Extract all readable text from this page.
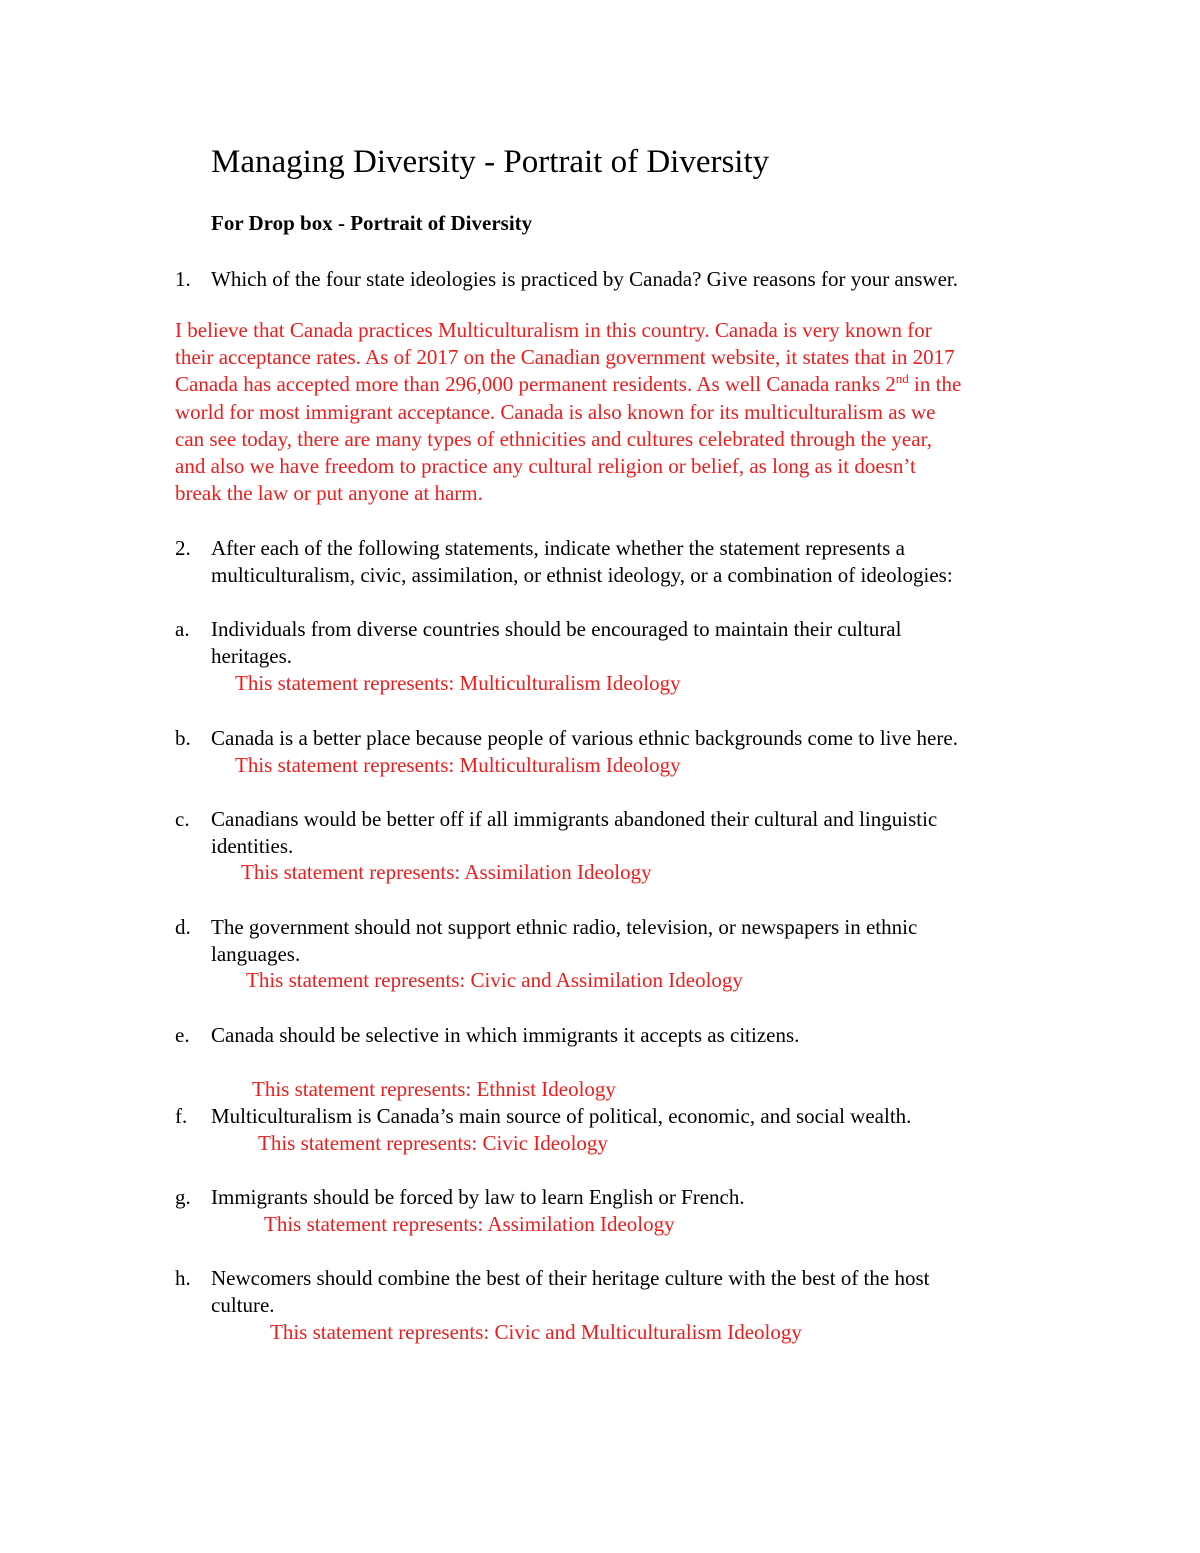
Managing Diversity - Portrait of Diversity
For Drop box - Portrait of Diversity
1. Which of the four state ideologies is practiced by Canada? Give reasons for your answer.
I believe that Canada practices Multiculturalism in this country. Canada is very known for
their acceptance rates. As of 2017 on the Canadian government website, it states that in 2017
Canada has accepted more than 296,000 permanent residents. As well Canada ranks 2nd in the
world for most immigrant acceptance. Canada is also known for its multiculturalism as we
can see today, there are many types of ethnicities and cultures celebrated through the year,
and also we have freedom to practice any cultural religion or belief, as long as it doesn’t
break the law or put anyone at harm.
2. After each of the following statements, indicate whether the statement represents a
multiculturalism, civic, assimilation, or ethnist ideology, or a combination of ideologies:
a. Individuals from diverse countries should be encouraged to maintain their cultural
heritages.
This statement represents: Multiculturalism Ideology
b. Canada is a better place because people of various ethnic backgrounds come to live here.
This statement represents: Multiculturalism Ideology
c. Canadians would be better off if all immigrants abandoned their cultural and linguistic
identities.
This statement represents: Assimilation Ideology
d. The government should not support ethnic radio, television, or newspapers in ethnic
languages.
This statement represents: Civic and Assimilation Ideology
e. Canada should be selective in which immigrants it accepts as citizens.
This statement represents: Ethnist Ideology
f. Multiculturalism is Canada’s main source of political, economic, and social wealth.
This statement represents: Civic Ideology
g. Immigrants should be forced by law to learn English or French.
This statement represents: Assimilation Ideology
h. Newcomers should combine the best of their heritage culture with the best of the host
culture.
This statement represents: Civic and Multiculturalism Ideology
